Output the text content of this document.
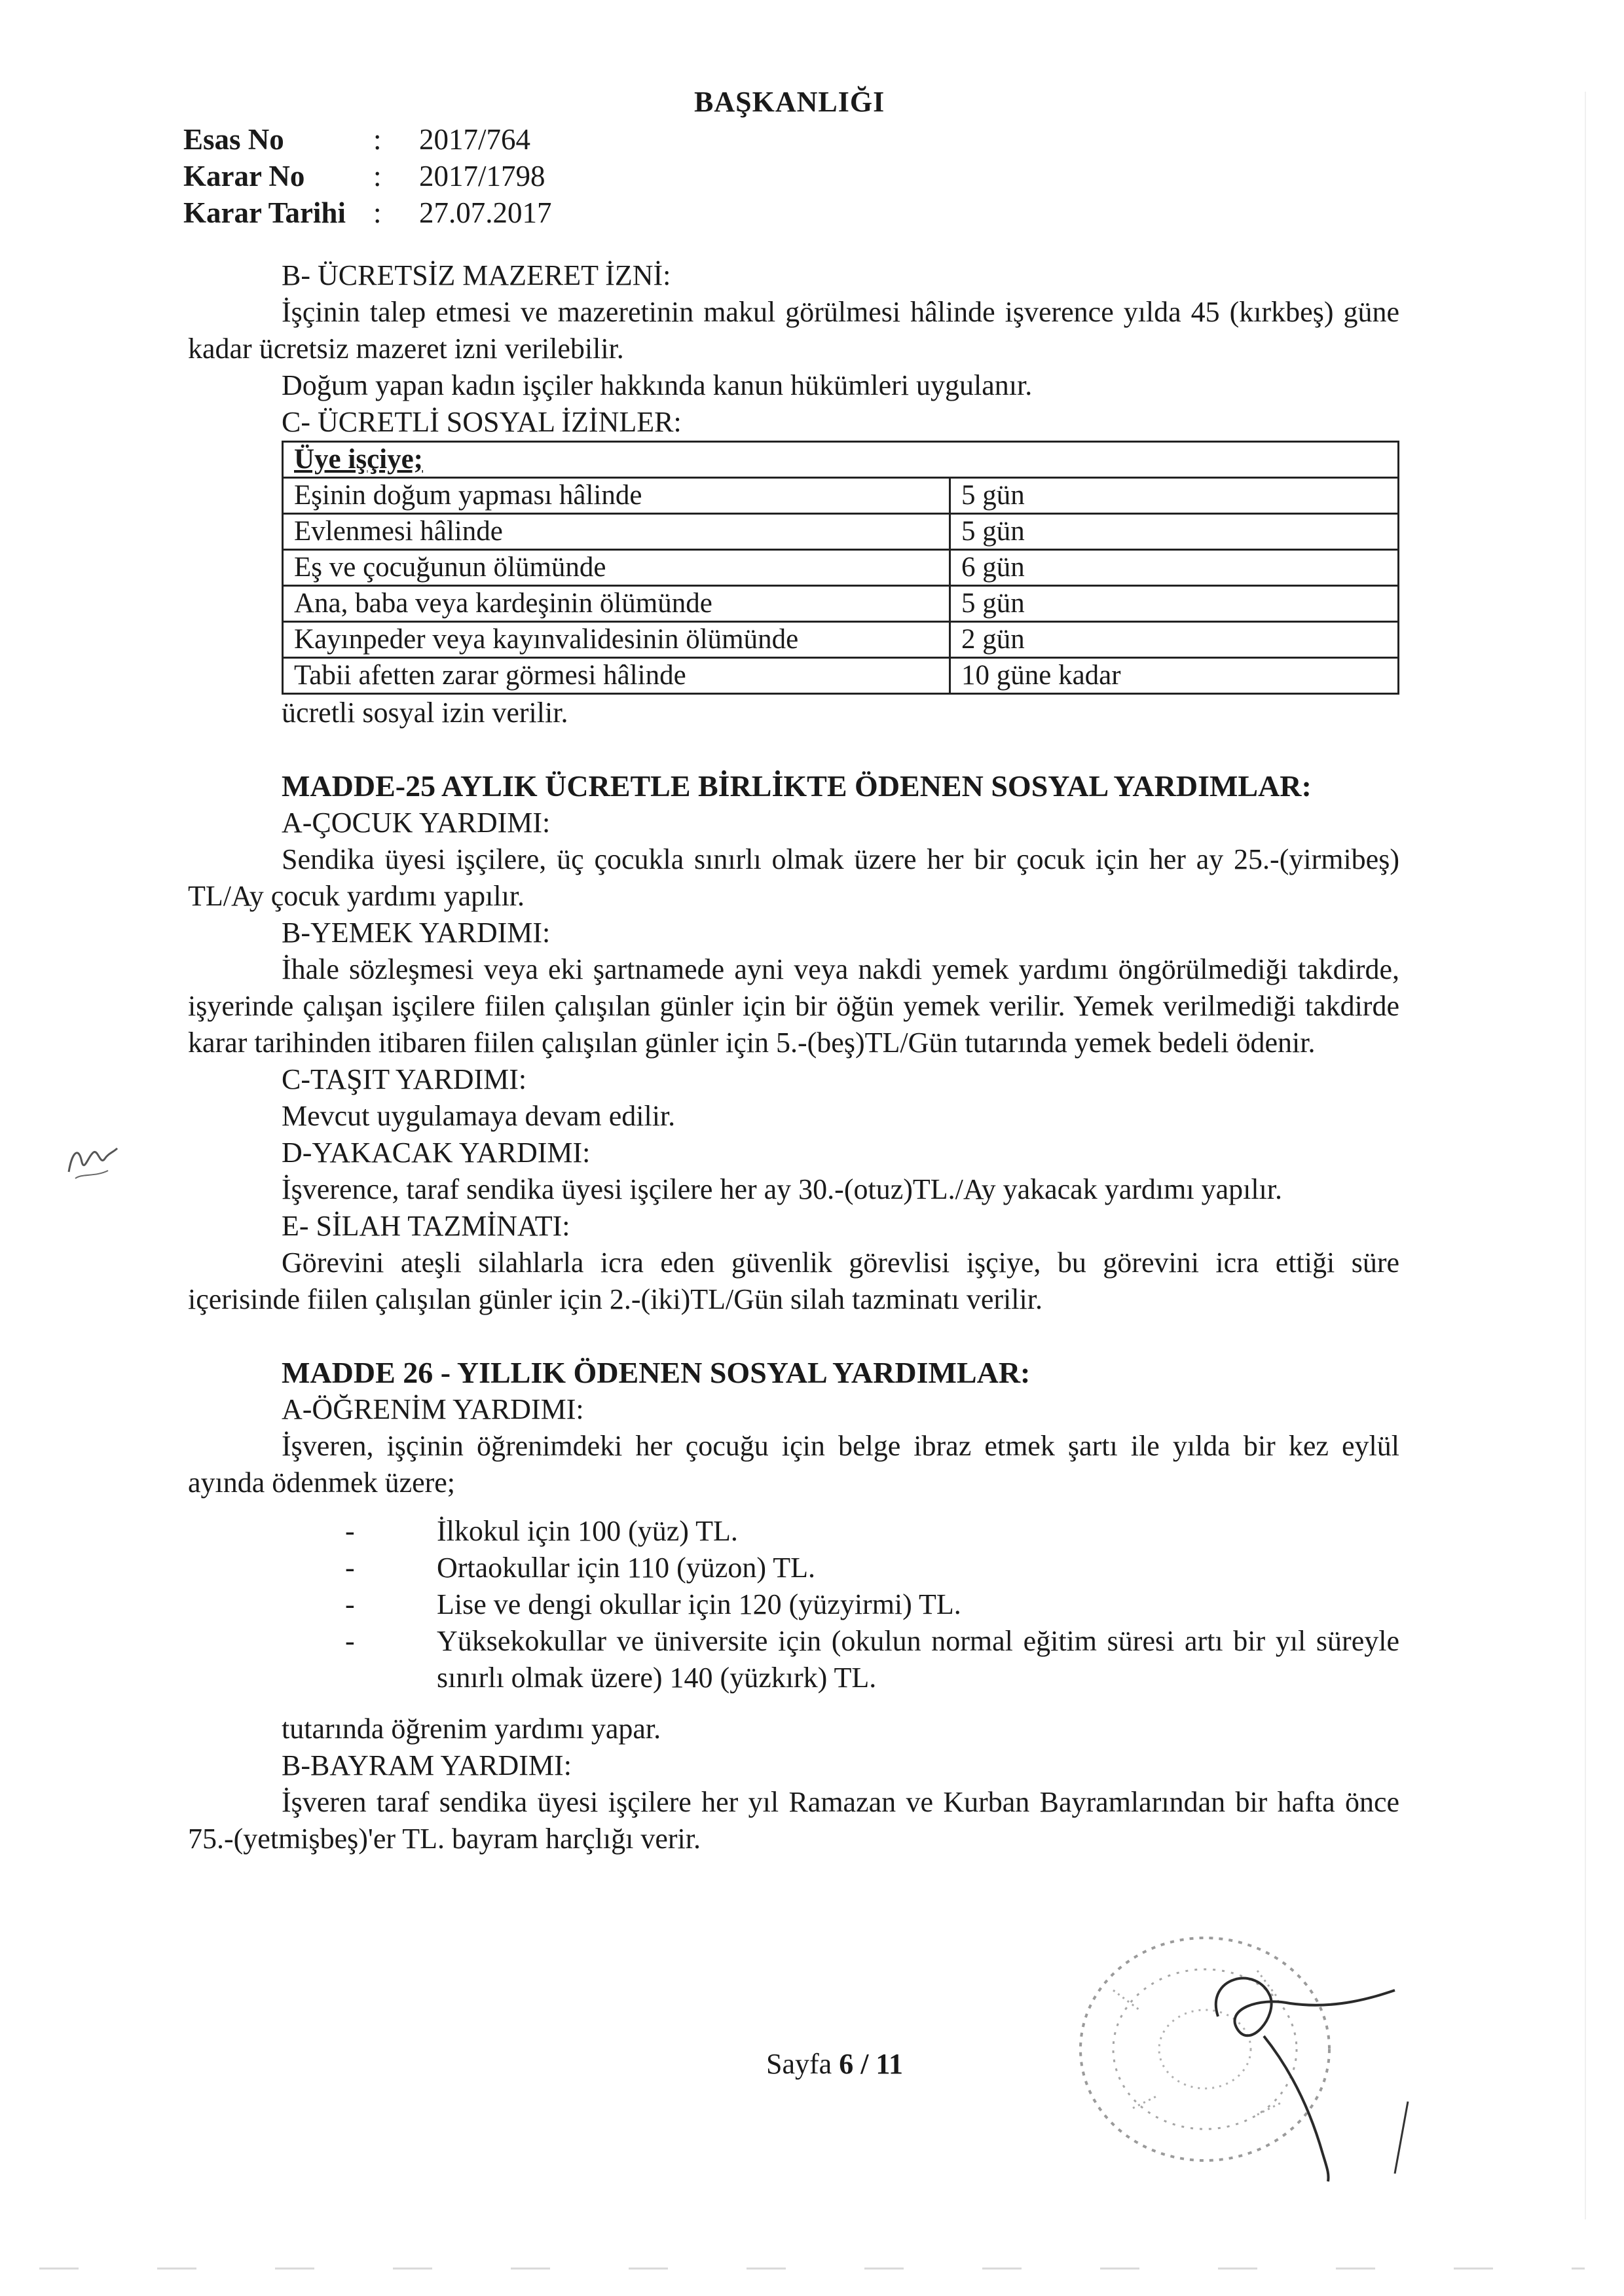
BAŞKANLIĞI
Esas No	: 2017/764
Karar No : 2017/1798
Karar Tarihi : 27.07.2017

B- ÜCRETSİZ MAZERET İZNİ:

İşçinin talep etmesi ve mazeretinin makul görülmesi hâlinde işverence yılda 45 (kırkbeş) güne kadar ücretsiz mazeret izni verilebilir.

Doğum yapan kadın işçiler hakkında kanun hükümleri uygulanır.

C- ÜCRETLİ SOSYAL İZİNLER:

Üye işçiye;	
Eşinin doğum yapması hâlinde	5 gün
Evlenmesi hâlinde	5 gün
Eş ve çocuğunun ölümünde	6 gün
Ana, baba veya kardeşinin ölümünde	5 gün
Kayınpeder veya kayınvalidesinin ölümünde	2 gün
Tabii afetten zarar görmesi hâlinde	10 güne kadar

ücretli sosyal izin verilir.

MADDE-25 AYLIK ÜCRETLE BİRLİKTE ÖDENEN SOSYAL YARDIMLAR:

A-ÇOCUK YARDIMI:

Sendika üyesi işçilere, üç çocukla sınırlı olmak üzere her bir çocuk için her ay 25.-(yirmibeş) TL/Ay çocuk yardımı yapılır.

B-YEMEK YARDIMI:

İhale sözleşmesi veya eki şartnamede ayni veya nakdi yemek yardımı öngörülmediği takdirde, işyerinde çalışan işçilere fiilen çalışılan günler için bir öğün yemek verilir. Yemek verilmediği takdirde karar tarihinden itibaren fiilen çalışılan günler için 5.-(beş)TL/Gün tutarında yemek bedeli ödenir.

C-TAŞIT YARDIMI:

Mevcut uygulamaya devam edilir.

D-YAKACAK YARDIMI:

İşverence, taraf sendika üyesi işçilere her ay 30.-(otuz)TL./Ay yakacak yardımı yapılır.

E- SİLAH TAZMİNATI:

Görevini ateşli silahlarla icra eden güvenlik görevlisi işçiye, bu görevini icra ettiği süre içerisinde fiilen çalışılan günler için 2.-(iki)TL/Gün silah tazminatı verilir.

MADDE 26 - YILLIK ÖDENEN SOSYAL YARDIMLAR:

A-ÖĞRENİM YARDIMI:

İşveren, işçinin öğrenimdeki her çocuğu için belge ibraz etmek şartı ile yılda bir kez eylül ayında ödenmek üzere;

-	İlkokul için 100 (yüz) TL.
-	Ortaokullar için 110 (yüzon) TL.
-	Lise ve dengi okullar için 120 (yüzyirmi) TL.
-	Yüksekokullar ve üniversite için (okulun normal eğitim süresi artı bir yıl süreyle sınırlı olmak üzere) 140 (yüzkırk) TL.

tutarında öğrenim yardımı yapar.

B-BAYRAM YARDIMI:

İşveren taraf sendika üyesi işçilere her yıl Ramazan ve Kurban Bayramlarından bir hafta önce 75.-(yetmişbeş)'er TL. bayram harçlığı verir.

Sayfa 6 / 11
